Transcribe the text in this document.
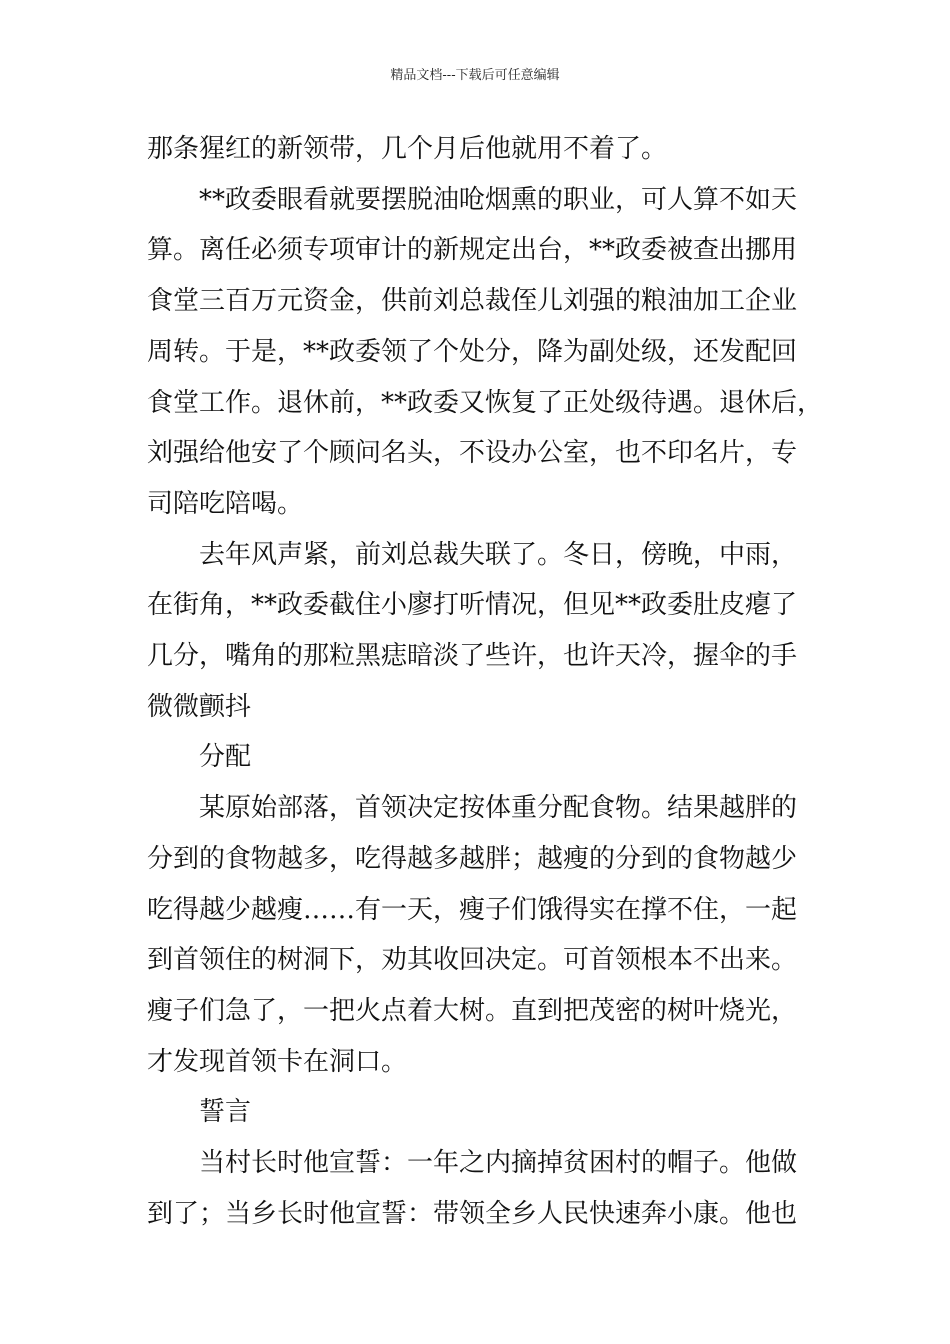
精品文档---下载后可任意编辑
那条猩红的新领带，几个月后他就用不着了。
**政委眼看就要摆脱油呛烟熏的职业，可人算不如天
算。离任必须专项审计的新规定出台，**政委被查出挪用
食堂三百万元资金，供前刘总裁侄儿刘强的粮油加工企业
周转。于是，**政委领了个处分，降为副处级，还发配回
食堂工作。退休前，**政委又恢复了正处级待遇。退休后，
刘强给他安了个顾问名头，不设办公室，也不印名片，专
司陪吃陪喝。
去年风声紧，前刘总裁失联了。冬日，傍晚，中雨，
在街角，**政委截住小廖打听情况，但见**政委肚皮瘪了
几分，嘴角的那粒黑痣暗淡了些许，也许天冷，握伞的手
微微颤抖
分配
某原始部落，首领决定按体重分配食物。结果越胖的
分到的食物越多，吃得越多越胖；越瘦的分到的食物越少
吃得越少越瘦……有一天，瘦子们饿得实在撑不住，一起
到首领住的树洞下，劝其收回决定。可首领根本不出来。
瘦子们急了，一把火点着大树。直到把茂密的树叶烧光，
才发现首领卡在洞口。
誓言
当村长时他宣誓：一年之内摘掉贫困村的帽子。他做
到了；当乡长时他宣誓：带领全乡人民快速奔小康。他也
